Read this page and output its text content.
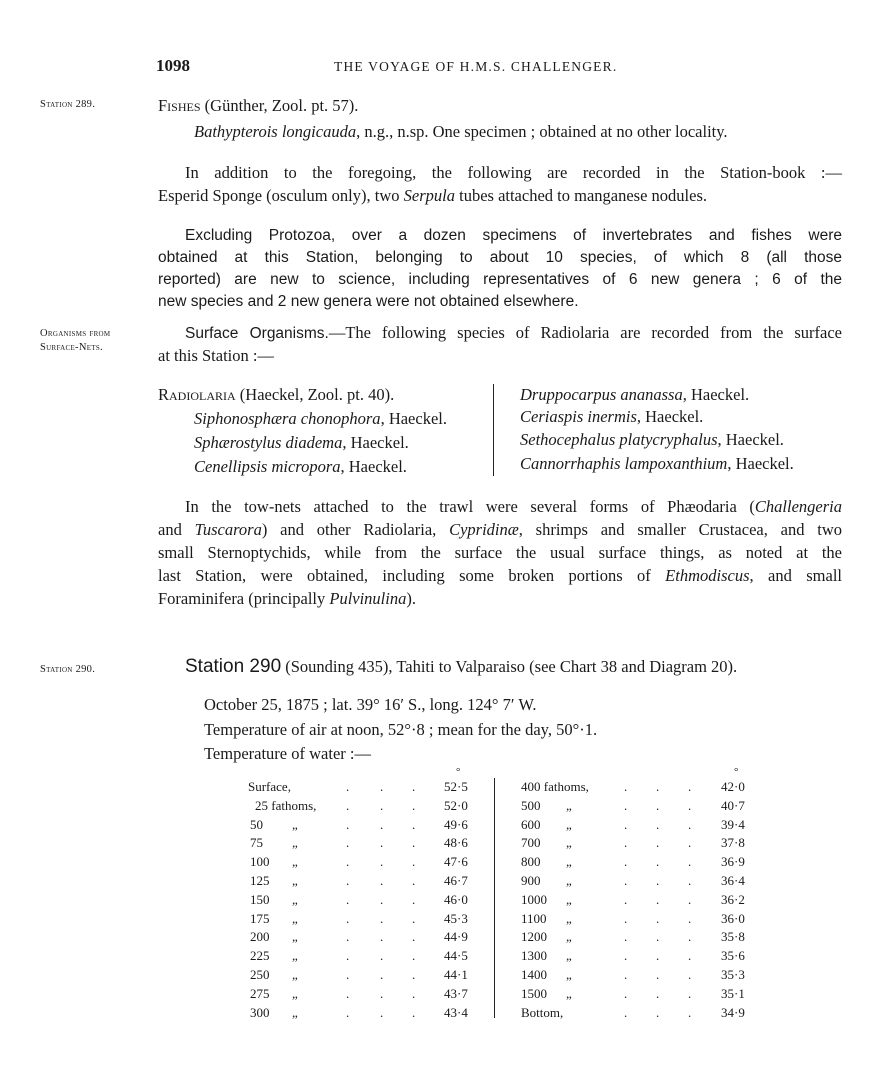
1098	THE VOYAGE OF H.M.S. CHALLENGER.
Station 289.	Fishes (Günther, Zool. pt. 57).
Bathypterois longicauda, n.g., n.sp. One specimen ; obtained at no other locality.
In addition to the foregoing, the following are recorded in the Station-book :—
Esperid Sponge (osculum only), two Serpula tubes attached to manganese nodules.
Excluding Protozoa, over a dozen specimens of invertebrates and fishes were
obtained at this Station, belonging to about 10 species, of which 8 (all those
reported) are new to science, including representatives of 6 new genera ; 6 of the
new species and 2 new genera were not obtained elsewhere.
Organisms from
Surface-Nets.
Surface Organisms.—The following species of Radiolaria are recorded from the surface
at this Station :—
Radiolaria (Haeckel, Zool. pt. 40).
Siphonosphæra chonophora, Haeckel.
Sphærostylus diadema, Haeckel.
Cenellipsis micropora, Haeckel.
Druppocarpus ananassa, Haeckel.
Ceriaspis inermis, Haeckel.
Sethocephalus platycryphalus, Haeckel.
Cannorrhaphis lampoxanthium, Haeckel.
In the tow-nets attached to the trawl were several forms of Phæodaria (Challengeria
and Tuscarora) and other Radiolaria, Cypridinæ, shrimps and smaller Crustacea, and two
small Sternoptychids, while from the surface the usual surface things, as noted at the
last Station, were obtained, including some broken portions of Ethmodiscus, and small
Foraminifera (principally Pulvinulina).
Station 290.	Station 290 (Sounding 435), Tahiti to Valparaiso (see Chart 38 and Diagram 20).
October 25, 1875 ; lat. 39° 16′ S., long. 124° 7′ W.
Temperature of air at noon, 52°·8 ; mean for the day, 50°·1.
Temperature of water :—
°	°
Surface,	. . . 52·5
25 fathoms, . . . 52·0
50 „	. . . 49·6
75 „	. . . 48·6
100 „	. . . 47·6
125 „	. . . 46·7
150 „	. . . 46·0
175 „	. . . 45·3
200 „	. . . 44·9
225 „	. . . 44·5
250 „	. . . 44·1
275 „	. . . 43·7
300 „	. . . 43·4
400 fathoms,	. . . 42·0
500 „	. . . 40·7
600 „	. . . 39·4
700 „	. . . 37·8
800 „	. . . 36·9
900 „	. . . 36·4
1000 „	. . . 36·2
1100 „	. . . 36·0
1200 „	. . . 35·8
1300 „	. . . 35·6
1400 „	. . . 35·3
1500 „	. . . 35·1
Bottom,	. . . 34·9
